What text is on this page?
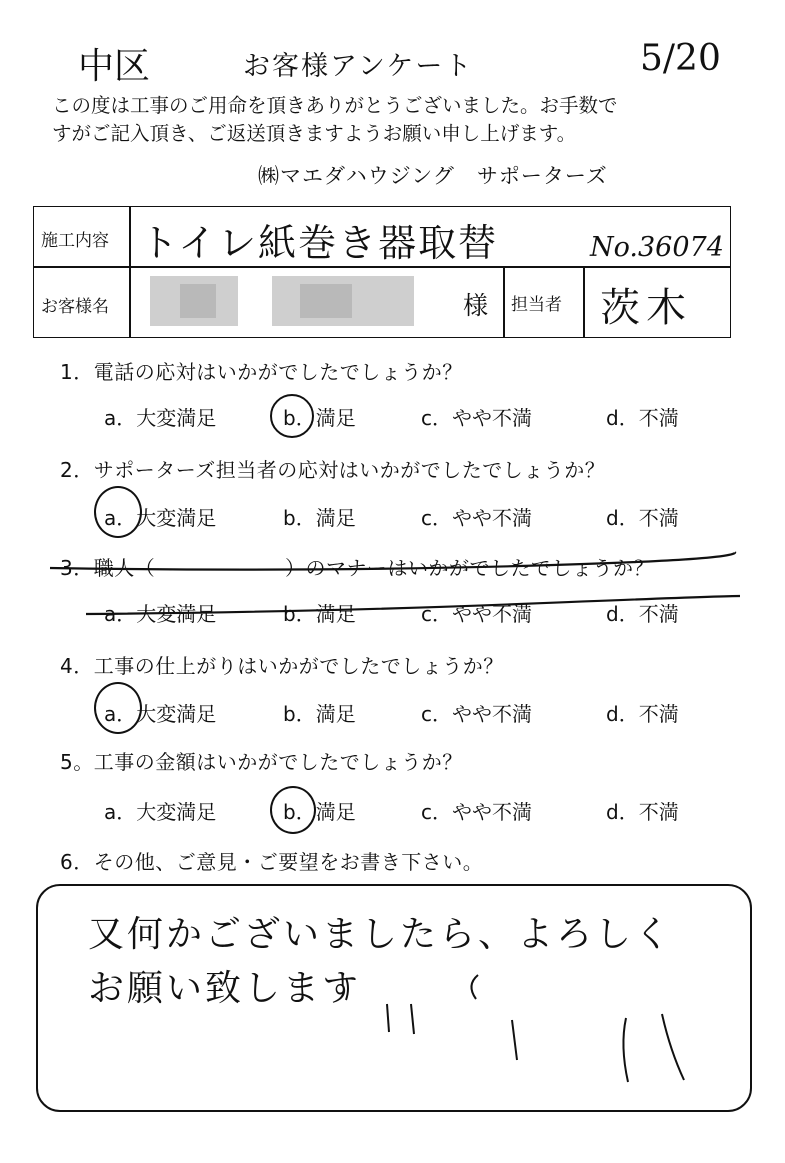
中区	お客様アンケート	5/20
この度は工事のご用命を頂きありがとうございました。お手数で
すがご記入頂き、ご返送頂きますようお願い申し上げます。
㈱マエダハウジング　サポーターズ
施工内容 トイレ紙巻き器取替	No.36074
お客様名	様 担当者 茨木
1．電話の応対はいかがでしたでしょうか？
a．大変満足	b．満足	c．やや不満	d．不満
2．サポーターズ担当者の応対はいかがでしたでしょうか？
a．大変満足	b．満足	c．やや不満	d．不満
3．職人（	）のマナーはいかがでしたでしょうか？
a．大変満足	b．満足	c．やや不満	d．不満
4．工事の仕上がりはいかがでしたでしょうか？
a．大変満足	b．満足	c．やや不満	d．不満
5。工事の金額はいかがでしたでしょうか？
a．大変満足	b．満足	c．やや不満	d．不満
6．その他、ご意見・ご要望をお書き下さい。
又何かございましたら、よろしく
お願い致します
